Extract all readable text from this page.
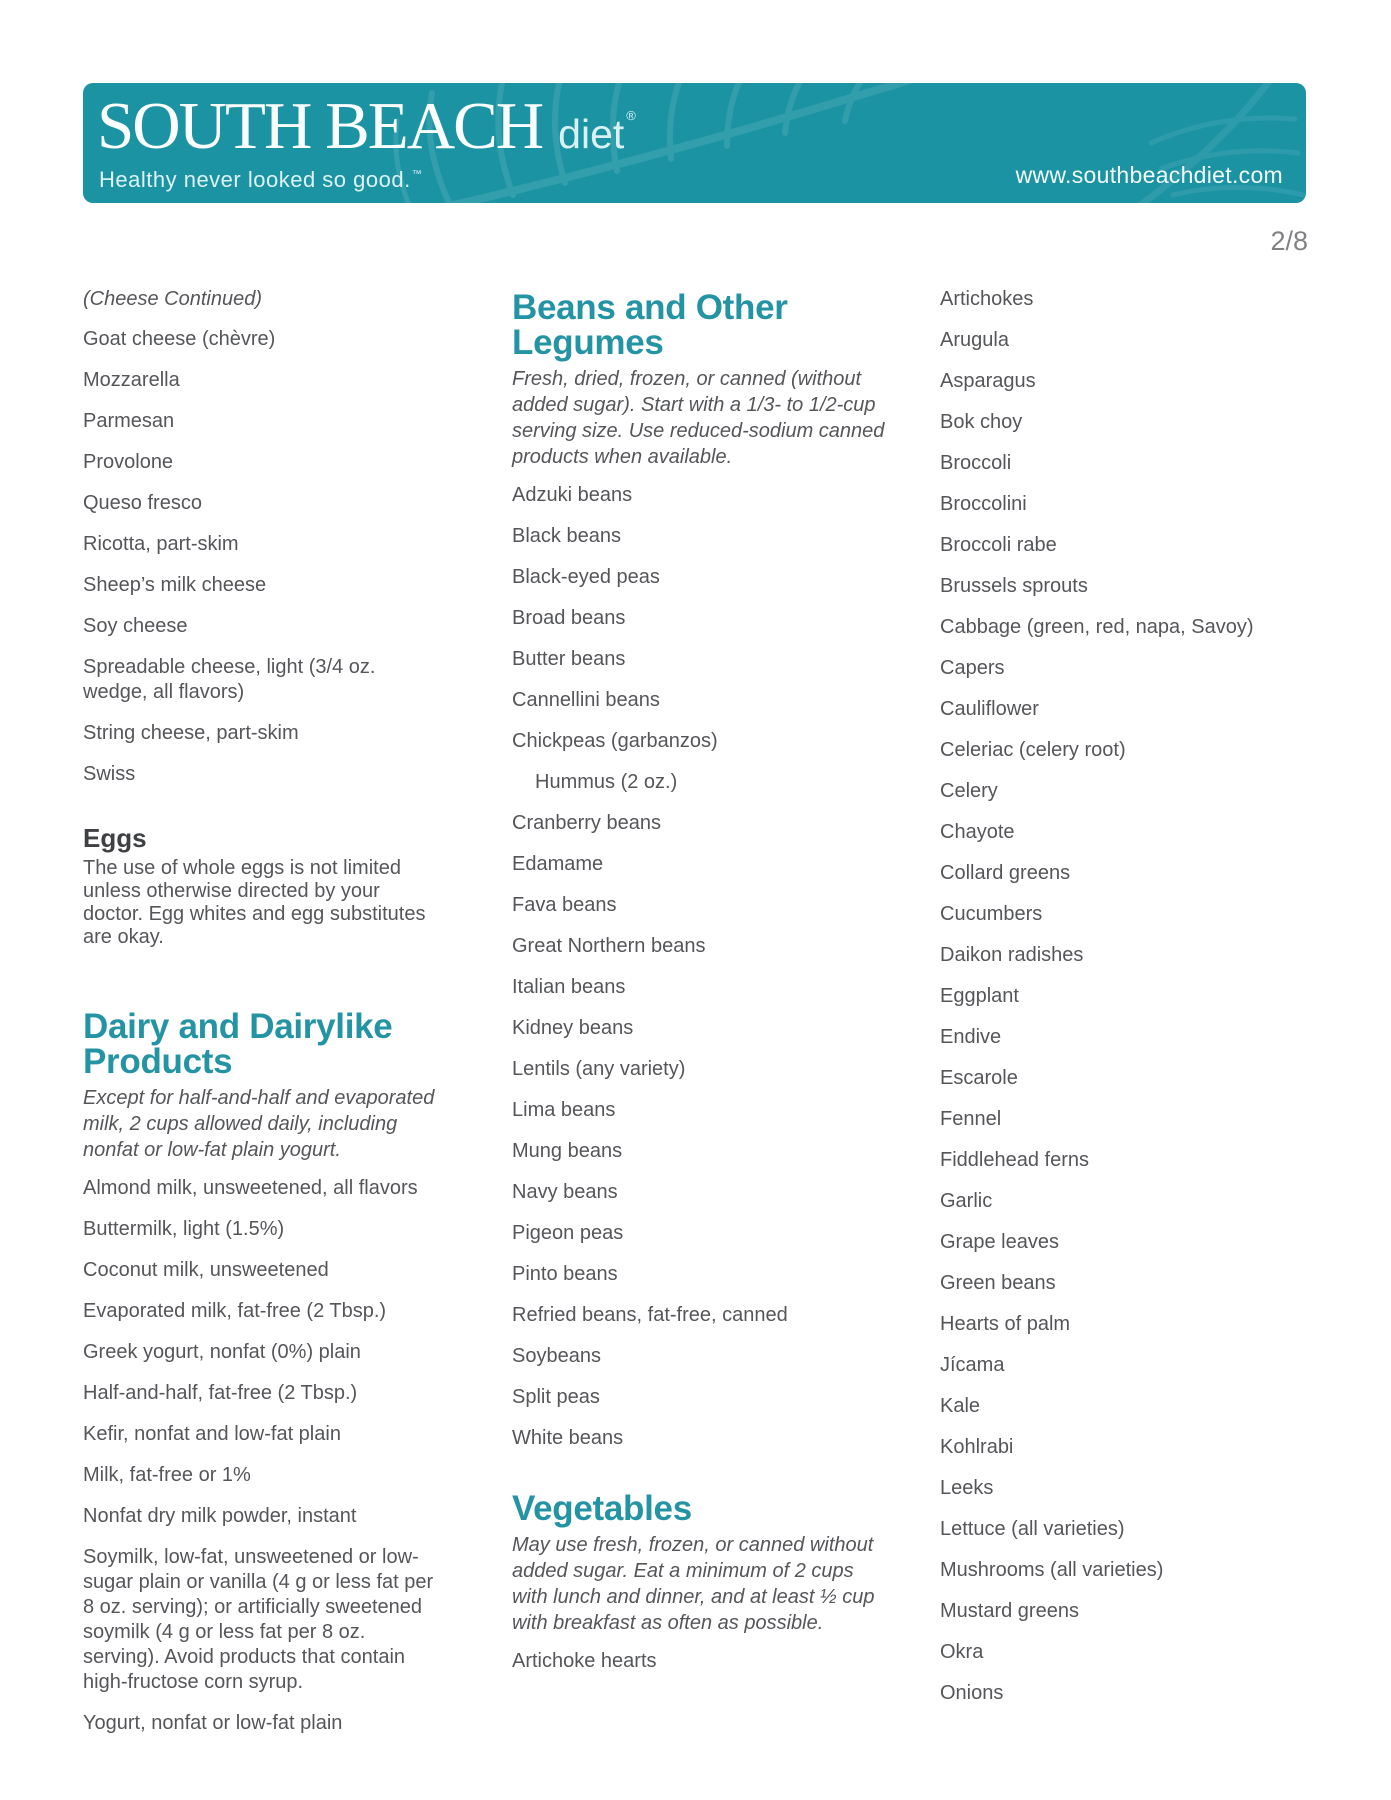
SOUTH BEACH diet ®
Healthy never looked so good.™	www.southbeachdiet.com
2/8
(Cheese Continued)
Goat cheese (chèvre)
Mozzarella
Parmesan
Provolone
Queso fresco
Ricotta, part-skim
Sheep’s milk cheese
Soy cheese
Spreadable cheese, light (3/4 oz. wedge, all flavors)
String cheese, part-skim
Swiss
Eggs
The use of whole eggs is not limited unless otherwise directed by your doctor. Egg whites and egg substitutes are okay.
Dairy and Dairylike
Products
Except for half-and-half and evaporated milk, 2 cups allowed daily, including nonfat or low-fat plain yogurt.
Almond milk, unsweetened, all flavors
Buttermilk, light (1.5%)
Coconut milk, unsweetened
Evaporated milk, fat-free (2 Tbsp.)
Greek yogurt, nonfat (0%) plain
Half-and-half, fat-free (2 Tbsp.)
Kefir, nonfat and low-fat plain
Milk, fat-free or 1%
Nonfat dry milk powder, instant
Soymilk, low-fat, unsweetened or low-sugar plain or vanilla (4 g or less fat per 8 oz. serving); or artificially sweetened soymilk (4 g or less fat per 8 oz. serving). Avoid products that contain high-fructose corn syrup.
Yogurt, nonfat or low-fat plain
Beans and Other
Legumes
Fresh, dried, frozen, or canned (without added sugar). Start with a 1/3- to 1/2-cup serving size. Use reduced-sodium canned products when available.
Adzuki beans
Black beans
Black-eyed peas
Broad beans
Butter beans
Cannellini beans
Chickpeas (garbanzos)
Hummus (2 oz.)
Cranberry beans
Edamame
Fava beans
Great Northern beans
Italian beans
Kidney beans
Lentils (any variety)
Lima beans
Mung beans
Navy beans
Pigeon peas
Pinto beans
Refried beans, fat-free, canned
Soybeans
Split peas
White beans
Vegetables
May use fresh, frozen, or canned without added sugar. Eat a minimum of 2 cups with lunch and dinner, and at least ½ cup with breakfast as often as possible.
Artichoke hearts
Artichokes
Arugula
Asparagus
Bok choy
Broccoli
Broccolini
Broccoli rabe
Brussels sprouts
Cabbage (green, red, napa, Savoy)
Capers
Cauliflower
Celeriac (celery root)
Celery
Chayote
Collard greens
Cucumbers
Daikon radishes
Eggplant
Endive
Escarole
Fennel
Fiddlehead ferns
Garlic
Grape leaves
Green beans
Hearts of palm
Jícama
Kale
Kohlrabi
Leeks
Lettuce (all varieties)
Mushrooms (all varieties)
Mustard greens
Okra
Onions
